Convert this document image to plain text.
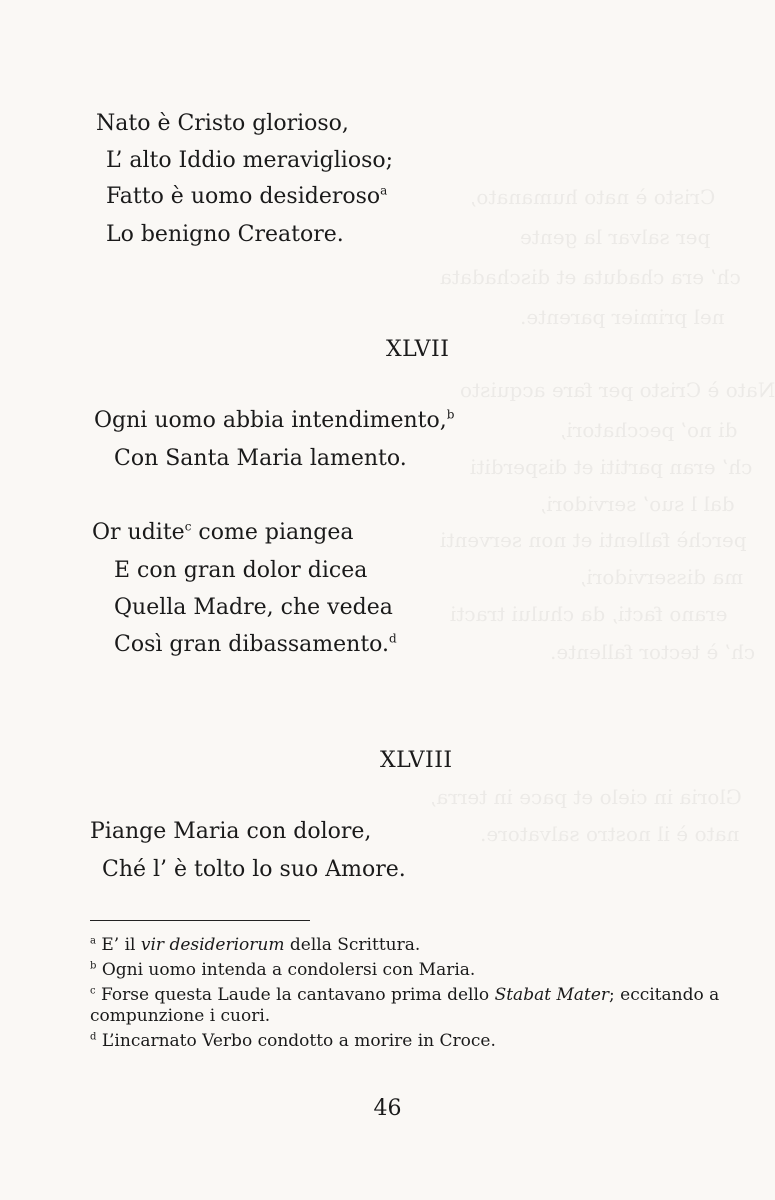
Cristo è nato humanato,
per salvar la gente
ch’ era chaduta et dischadata
nel primier parente.
Nato è Cristo per fare acquisto
di no’ pecchatori,
ch’ eran partiti et disperditi
dal l suo’ servidori,
perchè fallenti et non serventi
ma disservidori,
erano facti, da chului tracti
ch’ è tector fallente.
Gloria in cielo et pace in terra,
nato è il nostro salvatore.
Nato è Cristo glorioso,
L’ alto Iddio meraviglioso;
Fatto è uomo desideroso$^a$
Lo benigno Creatore.
XLVII
Ogni uomo abbia intendimento,$^b$
Con Santa Maria lamento.
Or udite$^c$ come piangea
E con gran dolor dicea
Quella Madre, che vedea
Così gran dibassamento.$^d$
XLVIII
Piange Maria con dolore,
Ché l’ è tolto lo suo Amore.
$^a$ E’ il vir desideriorum della Scrittura.
$^b$ Ogni uomo intenda a condolersi con Maria.
$^c$ Forse questa Laude la cantavano prima dello Stabat Mater; eccitando a
compunzione i cuori.
$^d$ L’incarnato Verbo condotto a morire in Croce.
46
